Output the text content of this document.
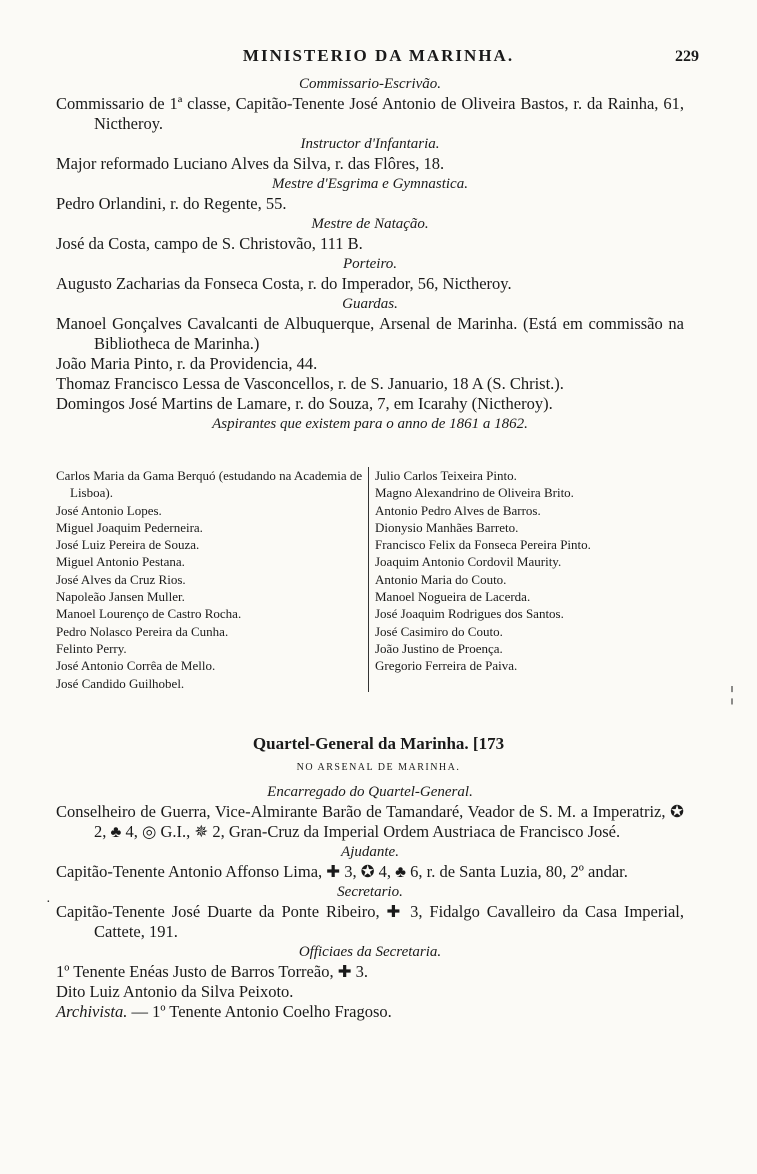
MINISTERIO DA MARINHA.	229
Commissario-Escrivão.
Commissario de 1ª classe, Capitão-Tenente José Antonio de Oliveira Bastos, r. da Rainha, 61, Nictheroy.
Instructor d'Infantaria.
Major reformado Luciano Alves da Silva, r. das Flôres, 18.
Mestre d'Esgrima e Gymnastica.
Pedro Orlandini, r. do Regente, 55.
Mestre de Natação.
José da Costa, campo de S. Christovão, 111 B.
Porteiro.
Augusto Zacharias da Fonseca Costa, r. do Imperador, 56, Nictheroy.
Guardas.
Manoel Gonçalves Cavalcanti de Albuquerque, Arsenal de Marinha. (Está em commissão na Bibliotheca de Marinha.)
João Maria Pinto, r. da Providencia, 44.
Thomaz Francisco Lessa de Vasconcellos, r. de S. Januario, 18 A (S. Christ.).
Domingos José Martins de Lamare, r. do Souza, 7, em Icarahy (Nictheroy).
Aspirantes que existem para o anno de 1861 a 1862.
Carlos Maria da Gama Berquó (estudando na Academia de Lisboa).
José Antonio Lopes.
Miguel Joaquim Pederneira.
José Luiz Pereira de Souza.
Miguel Antonio Pestana.
José Alves da Cruz Rios.
Napoleão Jansen Muller.
Manoel Lourenço de Castro Rocha.
Pedro Nolasco Pereira da Cunha.
Felinto Perry.
José Antonio Corrêa de Mello.
José Candido Guilhobel.
Julio Carlos Teixeira Pinto.
Magno Alexandrino de Oliveira Brito.
Antonio Pedro Alves de Barros.
Dionysio Manhães Barreto.
Francisco Felix da Fonseca Pereira Pinto.
Joaquim Antonio Cordovil Maurity.
Antonio Maria do Couto.
Manoel Nogueira de Lacerda.
José Joaquim Rodrigues dos Santos.
José Casimiro do Couto.
João Justino de Proença.
Gregorio Ferreira de Paiva.
¦
Quartel-General da Marinha. [173
NO ARSENAL DE MARINHA.
Encarregado do Quartel-General.
Conselheiro de Guerra, Vice-Almirante Barão de Tamandaré, Veador de S. M. a Imperatriz, ✪ 2, ♣ 4, ◎ G.I., ✵ 2, Gran-Cruz da Imperial Ordem Austriaca de Francisco José.
Ajudante.
Capitão-Tenente Antonio Affonso Lima, ✚ 3, ✪ 4, ♣ 6, r. de Santa Luzia, 80, 2º andar.
Secretario.
Capitão-Tenente José Duarte da Ponte Ribeiro, ✚ 3, Fidalgo Cavalleiro da Casa Imperial, Cattete, 191.
Officiaes da Secretaria.
1º Tenente Enéas Justo de Barros Torreão, ✚ 3.
Dito Luiz Antonio da Silva Peixoto.
Archivista. — 1º Tenente Antonio Coelho Fragoso.
·
